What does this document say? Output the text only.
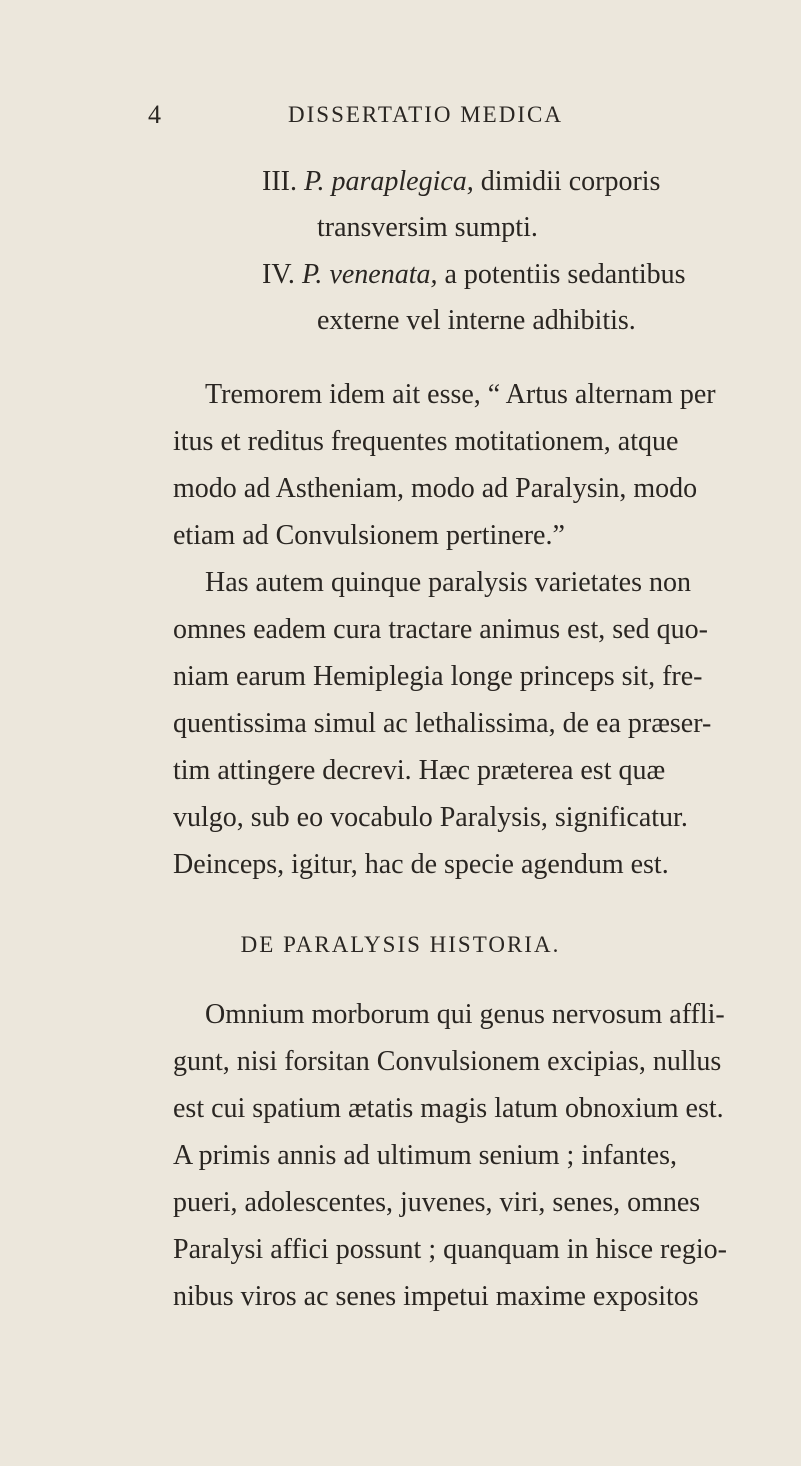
4	DISSERTATIO MEDICA
III. P. paraplegica, dimidii corporis
transversim sumpti.
IV. P. venenata, a potentiis sedantibus
externe vel interne adhibitis.
Tremorem idem ait esse, “ Artus alternam per
itus et reditus frequentes motitationem, atque
modo ad Astheniam, modo ad Paralysin, modo
etiam ad Convulsionem pertinere.”
Has autem quinque paralysis varietates non
omnes eadem cura tractare animus est, sed quo-
niam earum Hemiplegia longe princeps sit, fre-
quentissima simul ac lethalissima, de ea præser-
tim attingere decrevi. Hæc præterea est quæ
vulgo, sub eo vocabulo Paralysis, significatur.
Deinceps, igitur, hac de specie agendum est.
DE PARALYSIS HISTORIA.
Omnium morborum qui genus nervosum affli-
gunt, nisi forsitan Convulsionem excipias, nullus
est cui spatium ætatis magis latum obnoxium est.
A primis annis ad ultimum senium ; infantes,
pueri, adolescentes, juvenes, viri, senes, omnes
Paralysi affici possunt ; quanquam in hisce regio-
nibus viros ac senes impetui maxime expositos
